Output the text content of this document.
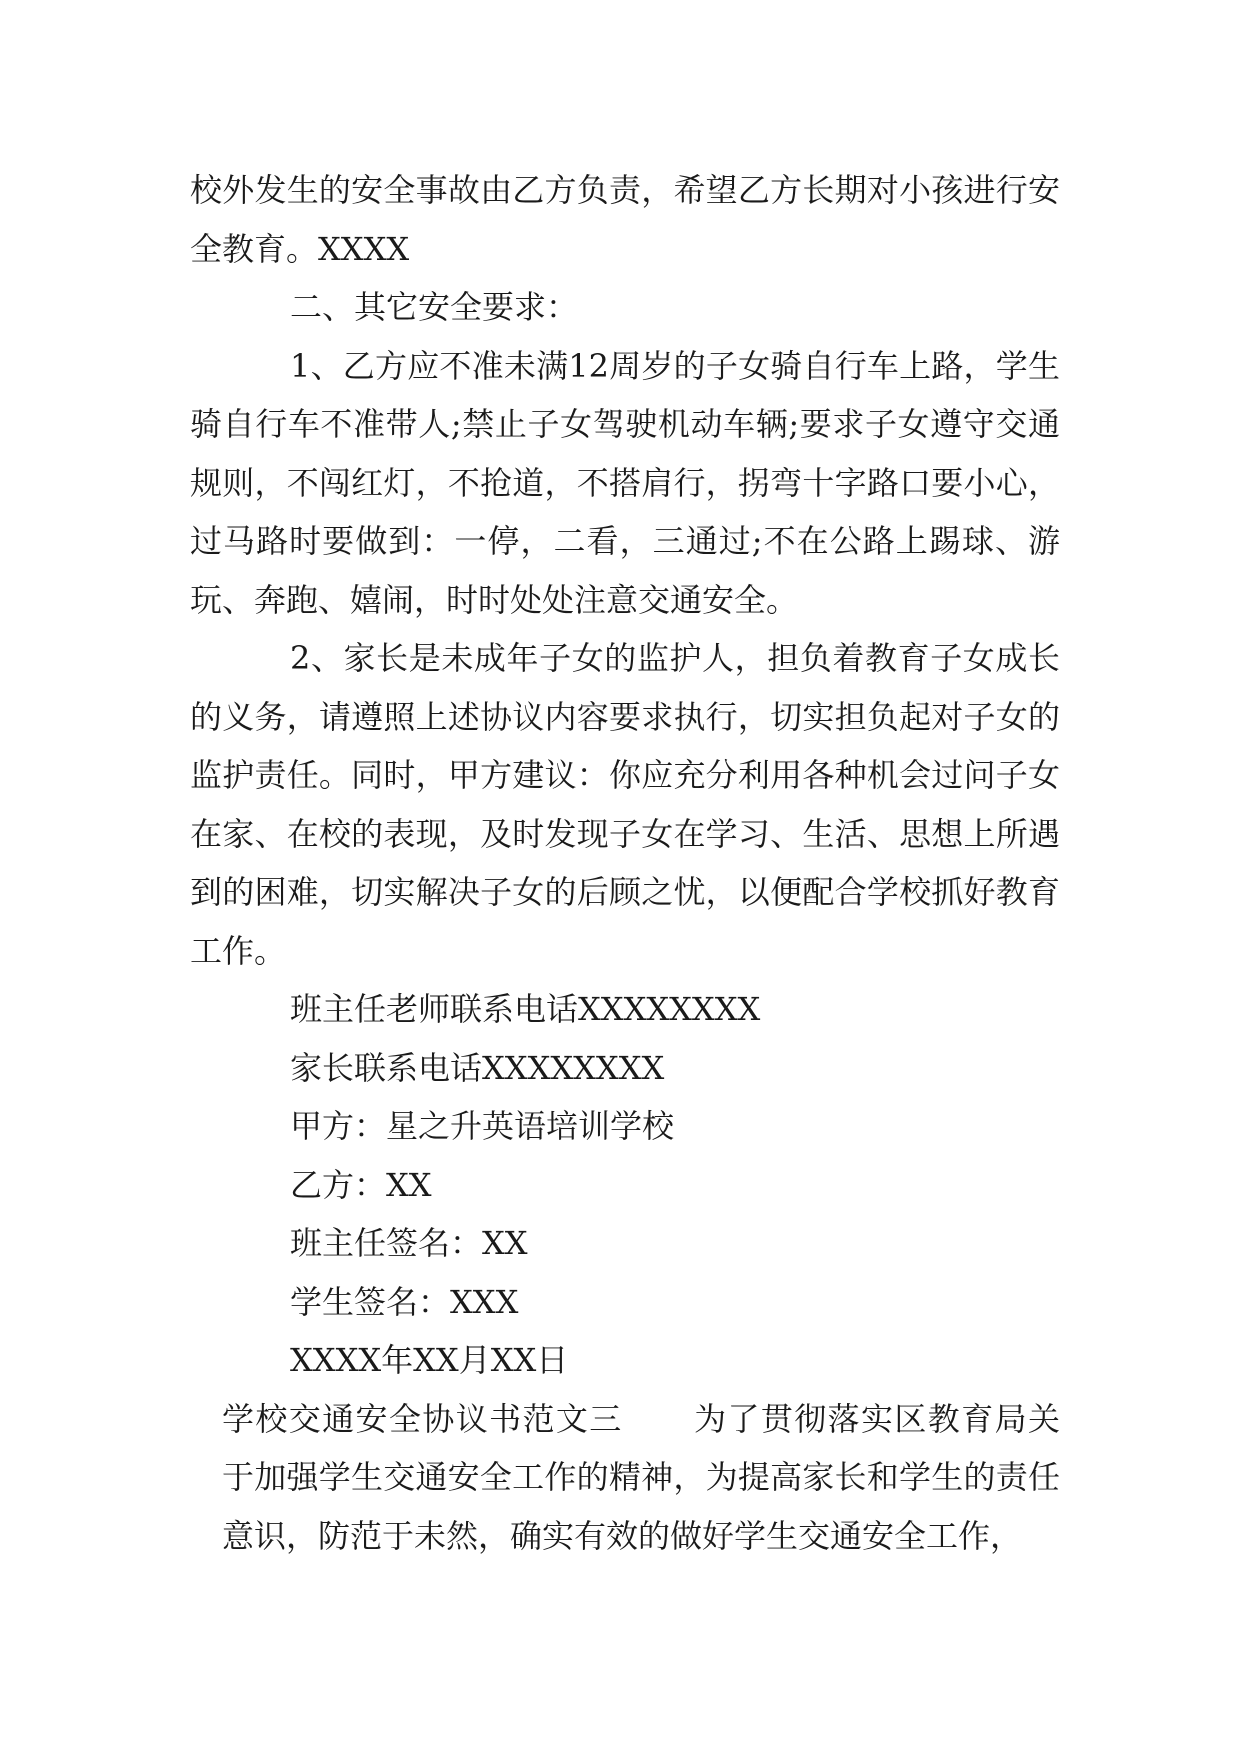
校外发生的安全事故由乙方负责，希望乙方长期对小孩进行安全教育。XXXX

二、其它安全要求：

1、乙方应不准未满12周岁的子女骑自行车上路，学生骑自行车不准带人;禁止子女驾驶机动车辆;要求子女遵守交通规则，不闯红灯，不抢道，不搭肩行，拐弯十字路口要小心，过马路时要做到：一停，二看，三通过;不在公路上踢球、游玩、奔跑、嬉闹，时时处处注意交通安全。

2、家长是未成年子女的监护人，担负着教育子女成长的义务，请遵照上述协议内容要求执行，切实担负起对子女的监护责任。同时，甲方建议：你应充分利用各种机会过问子女在家、在校的表现，及时发现子女在学习、生活、思想上所遇到的困难，切实解决子女的后顾之忧，以便配合学校抓好教育工作。

班主任老师联系电话XXXXXXXX

家长联系电话XXXXXXXX

甲方：星之升英语培训学校

乙方：XX

班主任签名：XX

学生签名：XXX

XXXX年XX月XX日

学校交通安全协议书范文三 为了贯彻落实区教育局关于加强学生交通安全工作的精神，为提高家长和学生的责任意识，防范于未然，确实有效的做好学生交通安全工作，
